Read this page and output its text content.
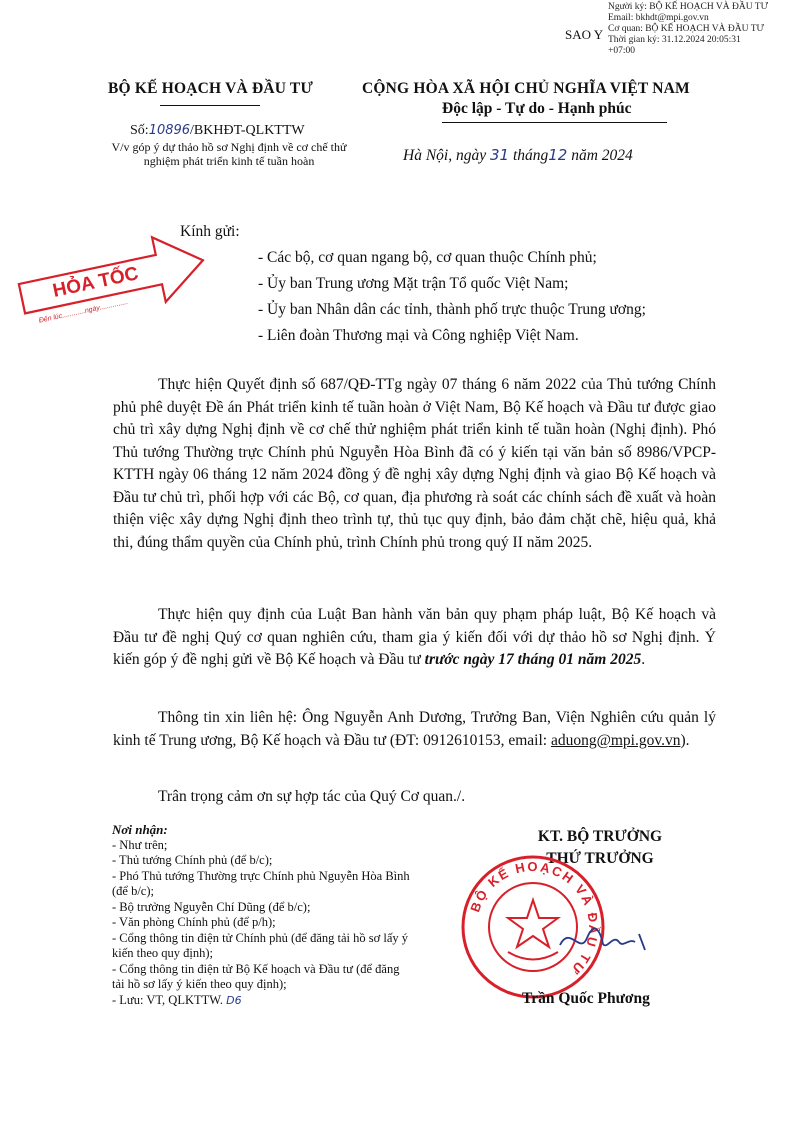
Người ký: BỘ KẾ HOẠCH VÀ ĐẦU TƯ
Email: bkhdt@mpi.gov.vn
Cơ quan: BỘ KẾ HOẠCH VÀ ĐẦU TƯ
Thời gian ký: 31.12.2024 20:05:31
+07:00
SAO Y
BỘ KẾ HOẠCH VÀ ĐẦU TƯ	CỘNG HÒA XÃ HỘI CHỦ NGHĨA VIỆT NAM
Độc lập - Tự do - Hạnh phúc
Số:10896/BKHĐT-QLKTTW
V/v góp ý dự thảo hồ sơ Nghị định về cơ chế thử nghiệm phát triển kinh tế tuần hoàn	Hà Nội, ngày 31 tháng12 năm 2024
HỎA TỐC
Đến lúc............ngày...............
Kính gửi:
- Các bộ, cơ quan ngang bộ, cơ quan thuộc Chính phủ;
- Ủy ban Trung ương Mặt trận Tổ quốc Việt Nam;
- Ủy ban Nhân dân các tỉnh, thành phố trực thuộc Trung ương;
- Liên đoàn Thương mại và Công nghiệp Việt Nam.
Thực hiện Quyết định số 687/QĐ-TTg ngày 07 tháng 6 năm 2022 của Thủ tướng Chính phủ phê duyệt Đề án Phát triển kinh tế tuần hoàn ở Việt Nam, Bộ Kế hoạch và Đầu tư được giao chủ trì xây dựng Nghị định về cơ chế thử nghiệm phát triển kinh tế tuần hoàn (Nghị định). Phó Thủ tướng Thường trực Chính phủ Nguyễn Hòa Bình đã có ý kiến tại văn bản số 8986/VPCP-KTTH ngày 06 tháng 12 năm 2024 đồng ý đề nghị xây dựng Nghị định và giao Bộ Kế hoạch và Đầu tư chủ trì, phối hợp với các Bộ, cơ quan, địa phương rà soát các chính sách đề xuất và hoàn thiện việc xây dựng Nghị định theo trình tự, thủ tục quy định, bảo đảm chặt chẽ, hiệu quả, khả thi, đúng thẩm quyền của Chính phủ, trình Chính phủ trong quý II năm 2025.
Thực hiện quy định của Luật Ban hành văn bản quy phạm pháp luật, Bộ Kế hoạch và Đầu tư đề nghị Quý cơ quan nghiên cứu, tham gia ý kiến đối với dự thảo hồ sơ Nghị định. Ý kiến góp ý đề nghị gửi về Bộ Kế hoạch và Đầu tư trước ngày 17 tháng 01 năm 2025.
Thông tin xin liên hệ: Ông Nguyễn Anh Dương, Trưởng Ban, Viện Nghiên cứu quản lý kinh tế Trung ương, Bộ Kế hoạch và Đầu tư (ĐT: 0912610153, email: aduong@mpi.gov.vn).
Trân trọng cảm ơn sự hợp tác của Quý Cơ quan./.
Nơi nhận:
- Như trên;
- Thủ tướng Chính phủ (để b/c);
- Phó Thủ tướng Thường trực Chính phủ Nguyễn Hòa Bình (để b/c);
- Bộ trưởng Nguyễn Chí Dũng (để b/c);
- Văn phòng Chính phủ (để p/h);
- Cổng thông tin điện tử Chính phủ (để đăng tải hồ sơ lấy ý kiến theo quy định);
- Cổng thông tin điện tử Bộ Kế hoạch và Đầu tư (để đăng tải hồ sơ lấy ý kiến theo quy định);
- Lưu: VT, QLKTTW. D6
KT. BỘ TRƯỞNG
THỨ TRƯỞNG
BỘ KẾ HOẠCH VÀ ĐẦU TƯ
Trần Quốc Phương
